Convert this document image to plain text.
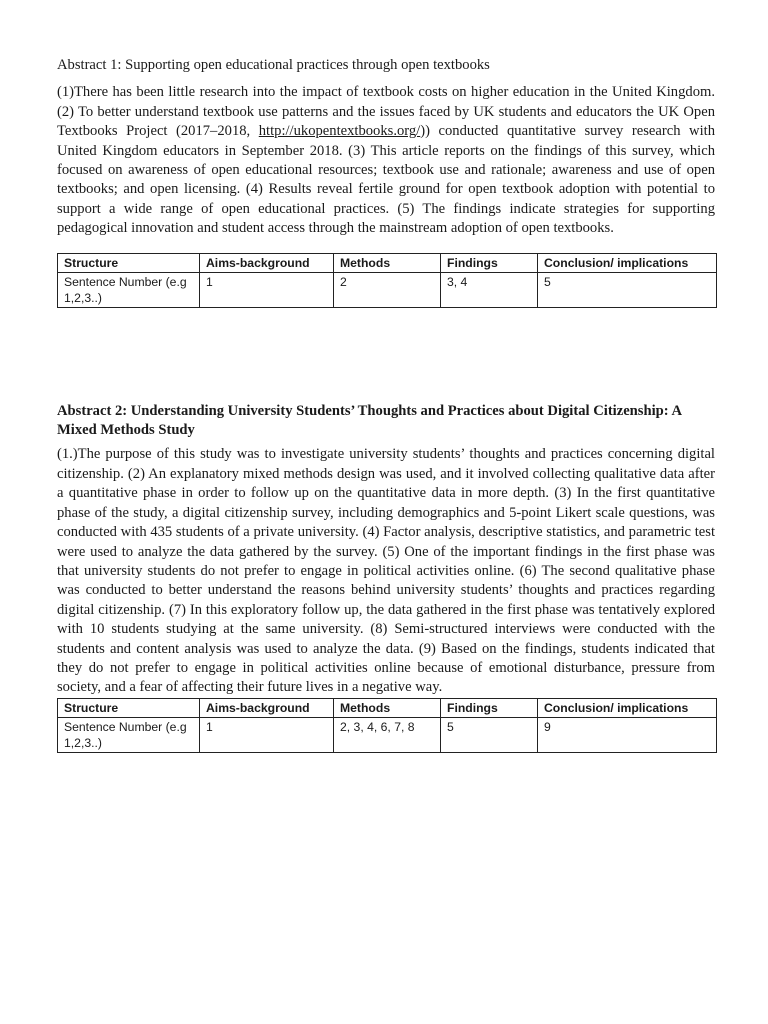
Abstract 1: Supporting open educational practices through open textbooks

(1)There has been little research into the impact of textbook costs on higher education in the United Kingdom. (2) To better understand textbook use patterns and the issues faced by UK students and educators the UK Open Textbooks Project (2017–2018, http://ukopentextbooks.org/)) conducted quantitative survey research with United Kingdom educators in September 2018. (3) This article reports on the findings of this survey, which focused on awareness of open educational resources; textbook use and rationale; awareness and use of open textbooks; and open licensing. (4) Results reveal fertile ground for open textbook adoption with potential to support a wide range of open educational practices. (5) The findings indicate strategies for supporting pedagogical innovation and student access through the mainstream adoption of open textbooks.

Structure	Aims-background	Methods	Findings	Conclusion/ implications
Sentence Number (e.g 1,2,3..)	1	2	3, 4	5

Abstract 2: Understanding University Students’ Thoughts and Practices about Digital Citizenship: A Mixed Methods Study

(1.)The purpose of this study was to investigate university students’ thoughts and practices concerning digital citizenship. (2) An explanatory mixed methods design was used, and it involved collecting qualitative data after a quantitative phase in order to follow up on the quantitative data in more depth. (3) In the first quantitative phase of the study, a digital citizenship survey, including demographics and 5-point Likert scale questions, was conducted with 435 students of a private university. (4) Factor analysis, descriptive statistics, and parametric test were used to analyze the data gathered by the survey. (5) One of the important findings in the first phase was that university students do not prefer to engage in political activities online. (6) The second qualitative phase was conducted to better understand the reasons behind university students’ thoughts and practices regarding digital citizenship. (7) In this exploratory follow up, the data gathered in the first phase was tentatively explored with 10 students studying at the same university. (8) Semi-structured interviews were conducted with the students and content analysis was used to analyze the data. (9) Based on the findings, students indicated that they do not prefer to engage in political activities online because of emotional disturbance, pressure from society, and a fear of affecting their future lives in a negative way.

Structure	Aims-background	Methods	Findings	Conclusion/ implications
Sentence Number (e.g 1,2,3..)	1	2, 3, 4, 6, 7, 8	5	9
